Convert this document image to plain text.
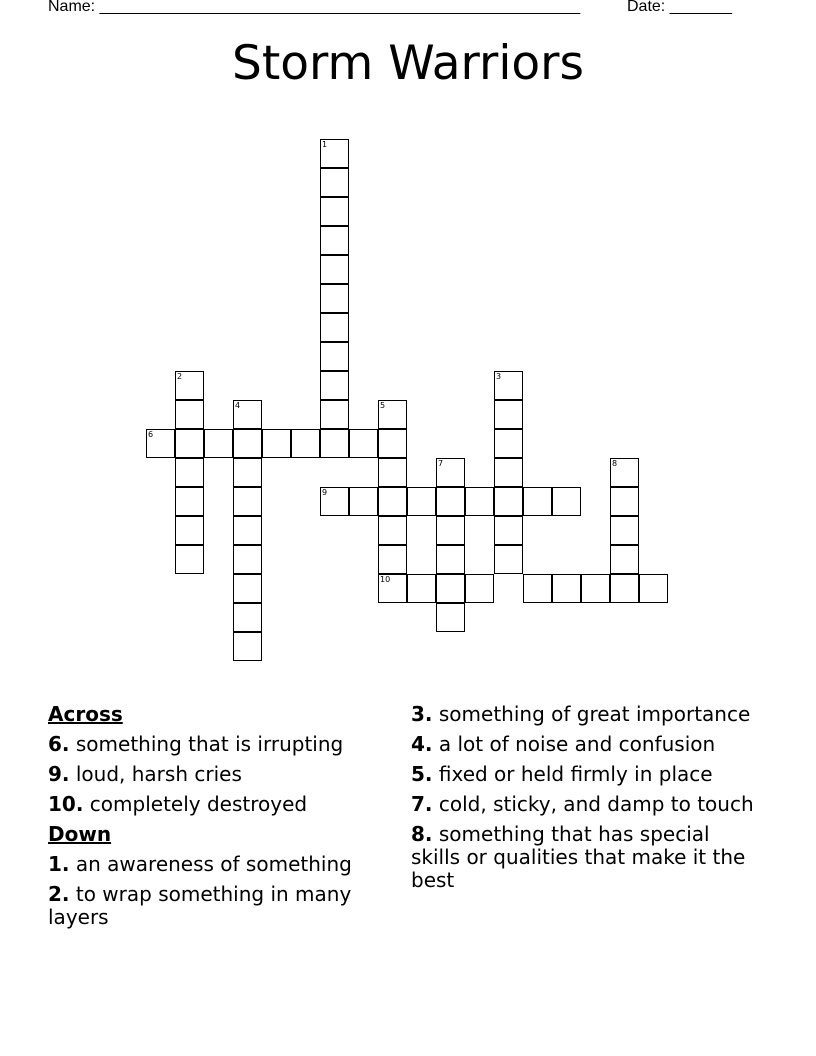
Name: ______________________________________________________	Date: _______
Storm Warriors
1
2	3
4	5
6
7	8
9
10
Across
6. something that is irrupting
9. loud, harsh cries
10. completely destroyed
Down
1. an awareness of something
2. to wrap something in many layers
3. something of great importance
4. a lot of noise and confusion
5. fixed or held firmly in place
7. cold, sticky, and damp to touch
8. something that has special skills or qualities that make it the best
